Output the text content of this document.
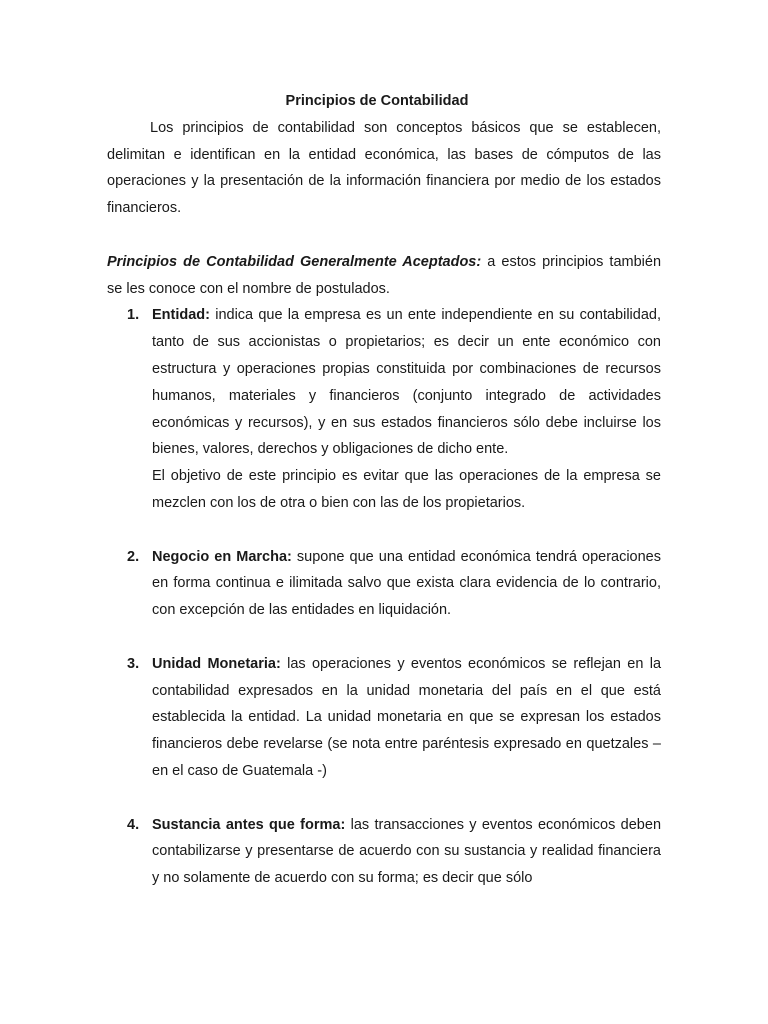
Principios de Contabilidad

Los principios de contabilidad son conceptos básicos que se establecen, delimitan e identifican en la entidad económica, las bases de cómputos de las operaciones y la presentación de la información financiera por medio de los estados financieros.

Principios de Contabilidad Generalmente Aceptados: a estos principios también se les conoce con el nombre de postulados.

1. Entidad: indica que la empresa es un ente independiente en su contabilidad, tanto de sus accionistas o propietarios; es decir un ente económico con estructura y operaciones propias constituida por combinaciones de recursos humanos, materiales y financieros (conjunto integrado de actividades económicas y recursos), y en sus estados financieros sólo debe incluirse los bienes, valores, derechos y obligaciones de dicho ente.

El objetivo de este principio es evitar que las operaciones de la empresa se mezclen con los de otra o bien con las de los propietarios.

2. Negocio en Marcha: supone que una entidad económica tendrá operaciones en forma continua e ilimitada salvo que exista clara evidencia de lo contrario, con excepción de las entidades en liquidación.

3. Unidad Monetaria: las operaciones y eventos económicos se reflejan en la contabilidad expresados en la unidad monetaria del país en el que está establecida la entidad. La unidad monetaria en que se expresan los estados financieros debe revelarse (se nota entre paréntesis expresado en quetzales –en el caso de Guatemala -)

4. Sustancia antes que forma: las transacciones y eventos económicos deben contabilizarse y presentarse de acuerdo con su sustancia y realidad financiera y no solamente de acuerdo con su forma; es decir que sólo
